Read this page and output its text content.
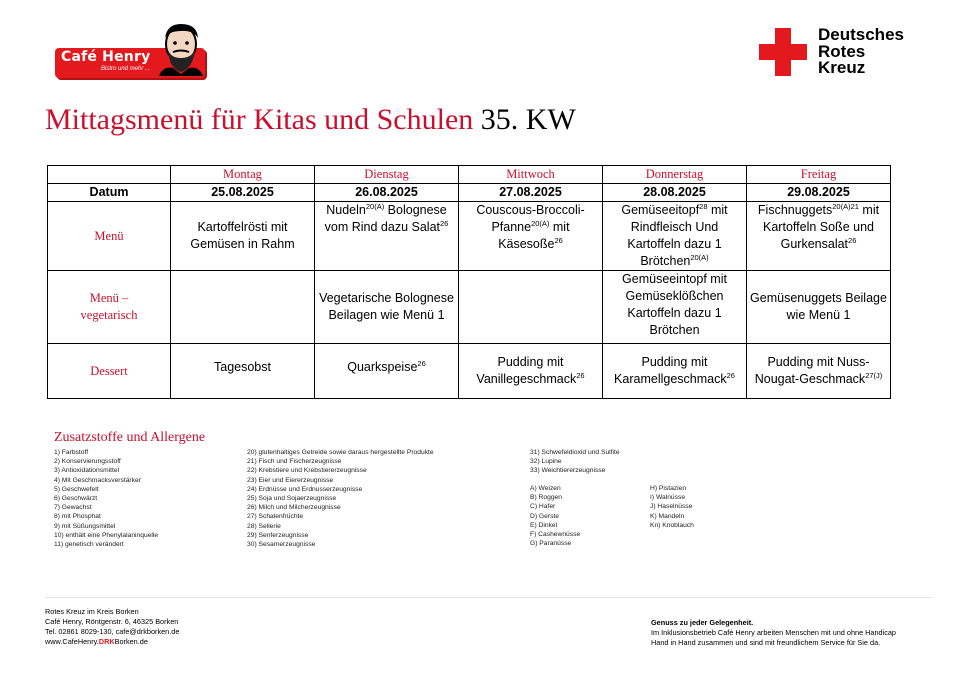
Café Henry
Bistro und mehr ...
Deutsches
Rotes
Kreuz
Mittagsmenü für Kitas und Schulen 35. KW
	Montag	Dienstag	Mittwoch	Donnerstag	Freitag
Datum	25.08.2025	26.08.2025	27.08.2025	28.08.2025	29.08.2025
Menü	Kartoffelrösti mit Gemüsen in Rahm	Nudeln$^{20(A)}$ Bolognese vom Rind dazu Salat$^{26}$	Couscous-Broccoli-Pfanne$^{20(A)}$ mit Käsesoße$^{26}$	Gemüseeitopf$^{28}$ mit Rindfleisch Und Kartoffeln dazu 1 Brötchen$^{20(A)}$	Fischnuggets$^{20(A)21}$ mit Kartoffeln Soße und Gurkensalat$^{26}$

Menü –
vegetarisch		Vegetarische Bolognese Beilagen wie Menü 1		Gemüseeintopf mit Gemüseklößchen Kartoffeln dazu 1 Brötchen	Gemüsenuggets Beilage wie Menü 1
Dessert	Tagesobst	Quarkspeise$^{26}$	Pudding mit Vanillegeschmack$^{26}$	Pudding mit Karamellgeschmack$^{26}$	Pudding mit Nuss-Nougat-Geschmack$^{27(J)}$
Zusatzstoffe und Allergene
1) Farbstoff
2) Konservierungsstoff
3) Antioxidationsmittel
4) Mit Geschmacksverstärker
5) Geschwefelt
6) Geschwärzt
7) Gewachst
8) mit Phosphat
9) mit Süßungsmittel
10) enthält eine Phenylalaninquelle
11) genetisch verändert
20) glutenhaltiges Getreide sowie daraus hergestellte Produkte
21) Fisch und Fischerzeugnisse
22) Krebstiere und Krebstiererzeugnisse
23) Eier und Eiererzeugnisse
24) Erdnüsse und Erdnusserzeugnisse
25) Soja und Sojaerzeugnisse
26) Milch und Milcherzeugnisse
27) Schalenfrüchte
28) Sellerie
29) Senferzeugnisse
30) Sesamerzeugnisse
31) Schwefeldioxid und Sulfite
32) Lupine
33) Weichtiererzeugnisse
A) Weizen
B) Roggen
C) Hafer
D) Gerste
E) Dinkel
F) Cashewnüsse
G) Paranüsse
H) Pistazien
I) Walnüsse
J) Haselnüsse
K) Mandeln
Kn) Knoblauch
Rotes Kreuz im Kreis Borken
Café Henry, Röntgenstr. 6, 46325 Borken
Tel. 02861 8029-130, cafe@drkborken.de
www.CafeHenry.DRKBorken.de
Genuss zu jeder Gelegenheit.
Im Inklusionsbetrieb Café Henry arbeiten Menschen mit und ohne Handicap
Hand in Hand zusammen und sind mit freundlichem Service für Sie da.
